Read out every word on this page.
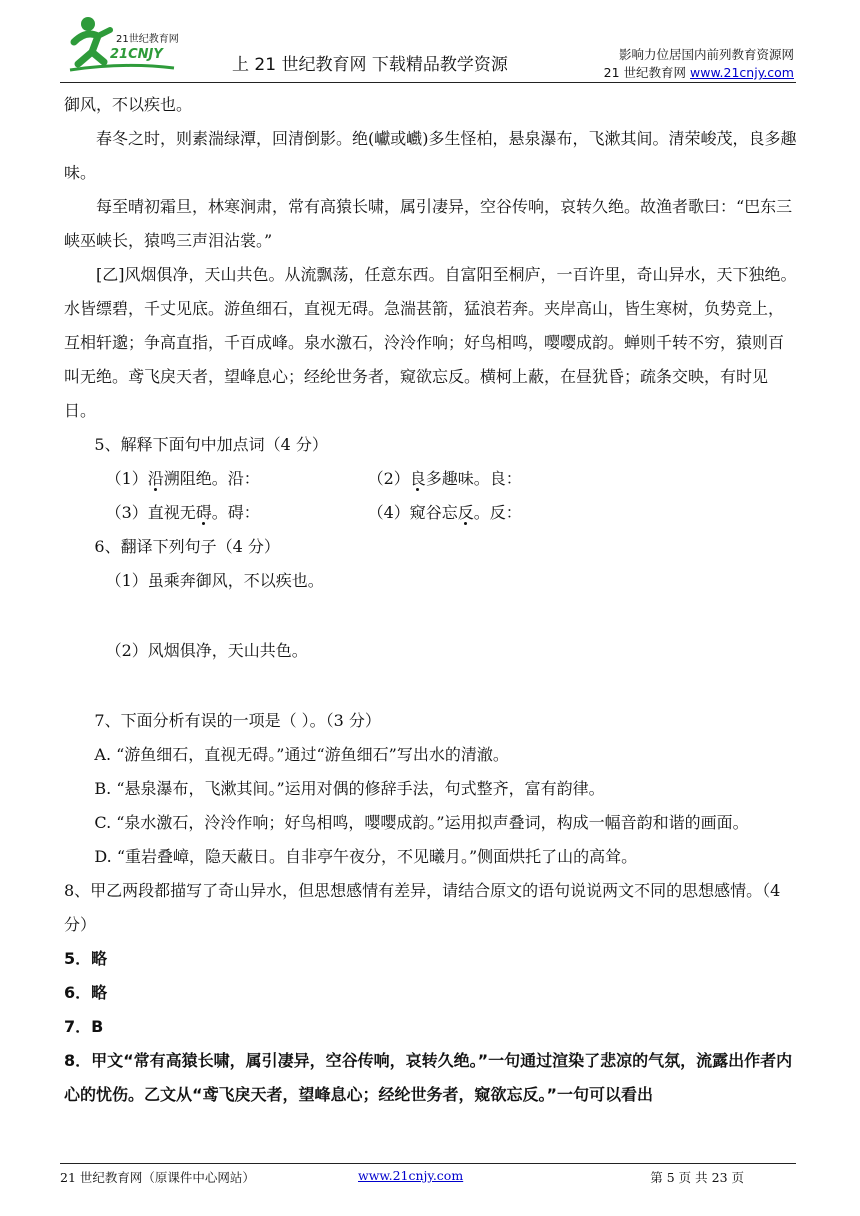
21世纪教育网
21CNJY
上 21 世纪教育网 下载精品教学资源
影响力位居国内前列教育资源网
21 世纪教育网 www.21cnjy.com

御风，不以疾也。

春冬之时，则素湍绿潭，回清倒影。绝(巘或巇)多生怪柏，悬泉瀑布，飞漱其间。清荣峻茂，良多趣味。

每至晴初霜旦，林寒涧肃，常有高猿长啸，属引凄异，空谷传响，哀转久绝。故渔者歌曰：“巴东三峡巫峡长，猿鸣三声泪沾裳。”

[乙]风烟俱净，天山共色。从流飘荡，任意东西。自富阳至桐庐，一百许里，奇山异水，天下独绝。水皆缥碧，千丈见底。游鱼细石，直视无碍。急湍甚箭，猛浪若奔。夹岸高山，皆生寒树，负势竞上，互相轩邈；争高直指，千百成峰。泉水激石，泠泠作响；好鸟相鸣，嘤嘤成韵。蝉则千转不穷，猿则百叫无绝。鸢飞戾天者，望峰息心；经纶世务者，窥欲忘反。横柯上蔽，在昼犹昏；疏条交映，有时见日。

5、解释下面句中加点词（4 分）

（1）沿溯阻绝。沿：	（2）良多趣味。良：
（3）直视无碍。碍：	（4）窥谷忘反。反：

6、翻译下列句子（4 分）

（1）虽乘奔御风，不以疾也。

（2）风烟俱净，天山共色。

7、下面分析有误的一项是（ ）。（3 分）

A. “游鱼细石，直视无碍。”通过“游鱼细石”写出水的清澈。

B. “悬泉瀑布，飞漱其间。”运用对偶的修辞手法，句式整齐，富有韵律。

C. “泉水激石，泠泠作响；好鸟相鸣，嘤嘤成韵。”运用拟声叠词，构成一幅音韵和谐的画面。

D. “重岩叠嶂，隐天蔽日。自非亭午夜分，不见曦月。”侧面烘托了山的高耸。

8、甲乙两段都描写了奇山异水，但思想感情有差异，请结合原文的语句说说两文不同的思想感情。（4 分）

5．略

6．略

7．B

8．甲文“常有高猿长啸，属引凄异，空谷传响，哀转久绝。”一句通过渲染了悲凉的气氛，流露出作者内心的忧伤。乙文从“鸢飞戾天者，望峰息心；经纶世务者，窥欲忘反。”一句可以看出

21 世纪教育网（原课件中心网站）	www.21cnjy.com	第 5 页 共 23 页
